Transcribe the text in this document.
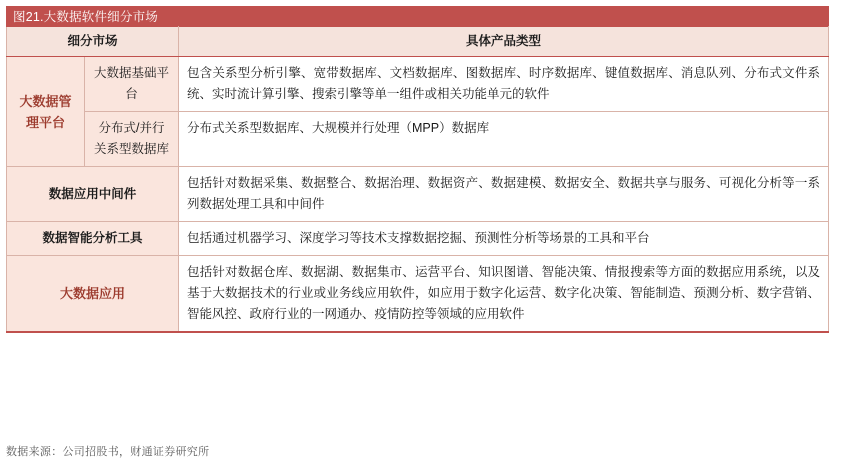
图21.大数据软件细分市场
细分市场		具体产品类型
大数据管理平台	大数据基础平台	包含关系型分析引擎、宽带数据库、文档数据库、图数据库、时序数据库、键值数据库、消息队列、分布式文件系统、实时流计算引擎、搜索引擎等单一组件或相关功能单元的软件
	分布式/并行关系型数据库	分布式关系型数据库、大规模并行处理（MPP）数据库
数据应用中间件		包括针对数据采集、数据整合、数据治理、数据资产、数据建模、数据安全、数据共享与服务、可视化分析等一系列数据处理工具和中间件
数据智能分析工具		包括通过机器学习、深度学习等技术支撑数据挖掘、预测性分析等场景的工具和平台
大数据应用		包括针对数据仓库、数据湖、数据集市、运营平台、知识图谱、智能决策、情报搜索等方面的数据应用系统，以及基于大数据技术的行业或业务线应用软件，如应用于数字化运营、数字化决策、智能制造、预测分析、数字营销、智能风控、政府行业的一网通办、疫情防控等领域的应用软件
数据来源：公司招股书，财通证券研究所
